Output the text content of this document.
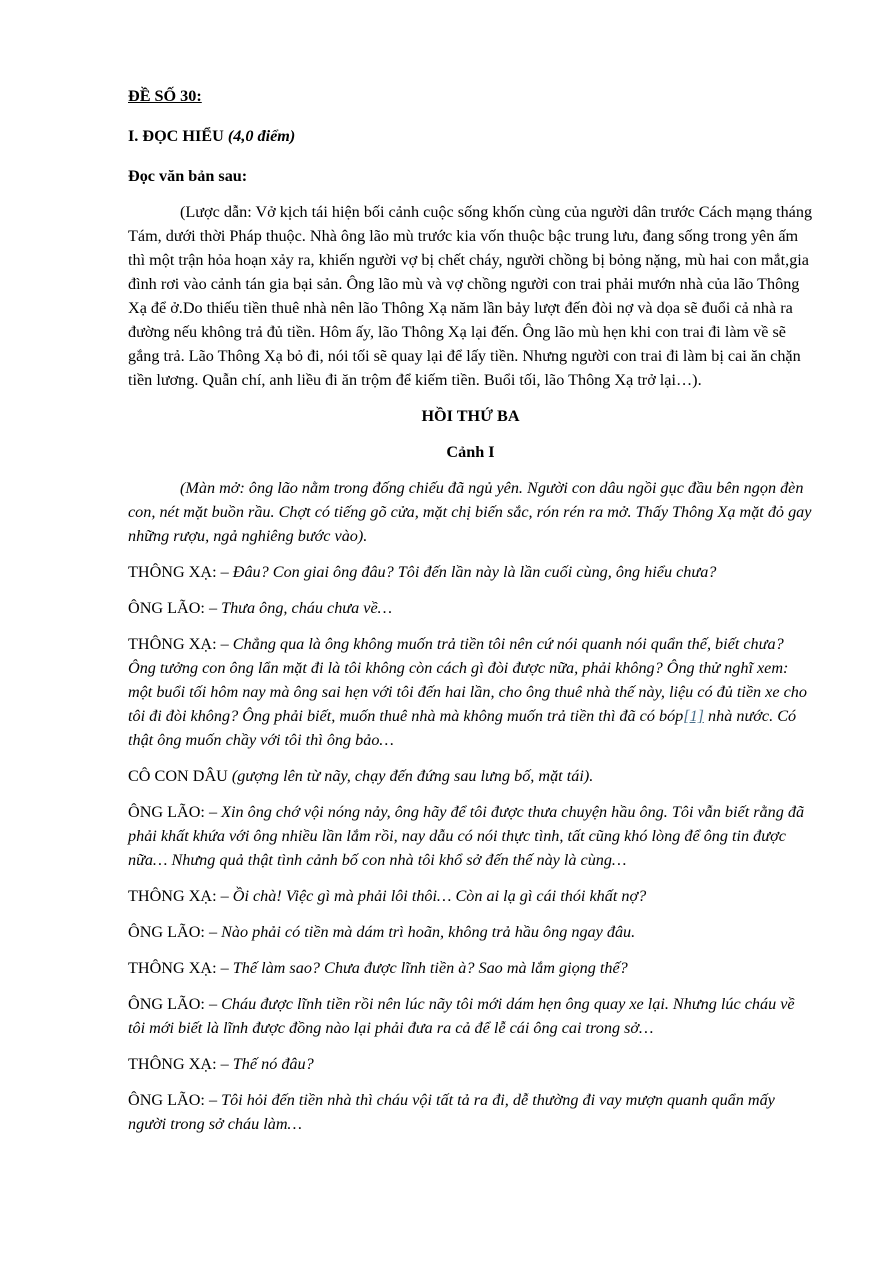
ĐỀ SỐ 30:

I. ĐỌC HIỂU (4,0 điểm)

Đọc văn bản sau:

(Lược dẫn: Vở kịch tái hiện bối cảnh cuộc sống khốn cùng của người dân trước Cách mạng tháng Tám, dưới thời Pháp thuộc. Nhà ông lão mù trước kia vốn thuộc bậc trung lưu, đang sống trong yên ấm thì một trận hỏa hoạn xảy ra, khiến người vợ bị chết cháy, người chồng bị bỏng nặng, mù hai con mắt,gia đình rơi vào cảnh tán gia bại sản. Ông lão mù và vợ chồng người con trai phải mướn nhà của lão Thông Xạ để ở.Do thiếu tiền thuê nhà nên lão Thông Xạ năm lần bảy lượt đến đòi nợ và dọa sẽ đuổi cả nhà ra đường nếu không trả đủ tiền. Hôm ấy, lão Thông Xạ lại đến. Ông lão mù hẹn khi con trai đi làm về sẽ gắng trả. Lão Thông Xạ bỏ đi, nói tối sẽ quay lại để lấy tiền. Nhưng người con trai đi làm bị cai ăn chặn tiền lương. Quẫn chí, anh liều đi ăn trộm để kiếm tiền. Buổi tối, lão Thông Xạ trở lại…).

HỒI THỨ BA

Cảnh I

(Màn mở: ông lão nằm trong đống chiếu đã ngủ yên. Người con dâu ngồi gục đầu bên ngọn đèn con, nét mặt buồn rầu. Chợt có tiếng gõ cửa, mặt chị biến sắc, rón rén ra mở. Thấy Thông Xạ mặt đỏ gay những rượu, ngả nghiêng bước vào).

THÔNG XẠ: – Đâu? Con giai ông đâu? Tôi đến lần này là lần cuối cùng, ông hiểu chưa?

ÔNG LÃO: – Thưa ông, cháu chưa về…

THÔNG XẠ: – Chẳng qua là ông không muốn trả tiền tôi nên cứ nói quanh nói quẩn thế, biết chưa? Ông tưởng con ông lẩn mặt đi là tôi không còn cách gì đòi được nữa, phải không? Ông thử nghĩ xem: một buổi tối hôm nay mà ông sai hẹn với tôi đến hai lần, cho ông thuê nhà thế này, liệu có đủ tiền xe cho tôi đi đòi không? Ông phải biết, muốn thuê nhà mà không muốn trả tiền thì đã có bóp[1] nhà nước. Có thật ông muốn chầy với tôi thì ông bảo…

CÔ CON DÂU (gượng lên từ nãy, chạy đến đứng sau lưng bố, mặt tái).

ÔNG LÃO: – Xin ông chớ vội nóng nảy, ông hãy để tôi được thưa chuyện hầu ông. Tôi vẫn biết rằng đã phải khất khứa với ông nhiều lần lắm rồi, nay dẫu có nói thực tình, tất cũng khó lòng để ông tin được nữa… Nhưng quả thật tình cảnh bố con nhà tôi khổ sở đến thế này là cùng…

THÔNG XẠ: – Ồi chà! Việc gì mà phải lôi thôi… Còn ai lạ gì cái thói khất nợ?

ÔNG LÃO: – Nào phải có tiền mà dám trì hoãn, không trả hầu ông ngay đâu.

THÔNG XẠ: – Thế làm sao? Chưa được lĩnh tiền à? Sao mà lắm giọng thế?

ÔNG LÃO: – Cháu được lĩnh tiền rồi nên lúc nãy tôi mới dám hẹn ông quay xe lại. Nhưng lúc cháu về tôi mới biết là lĩnh được đồng nào lại phải đưa ra cả để lễ cái ông cai trong sở…

THÔNG XẠ: – Thế nó đâu?

ÔNG LÃO: – Tôi hỏi đến tiền nhà thì cháu vội tất tả ra đi, dễ thường đi vay mượn quanh quẩn mấy người trong sở cháu làm…
